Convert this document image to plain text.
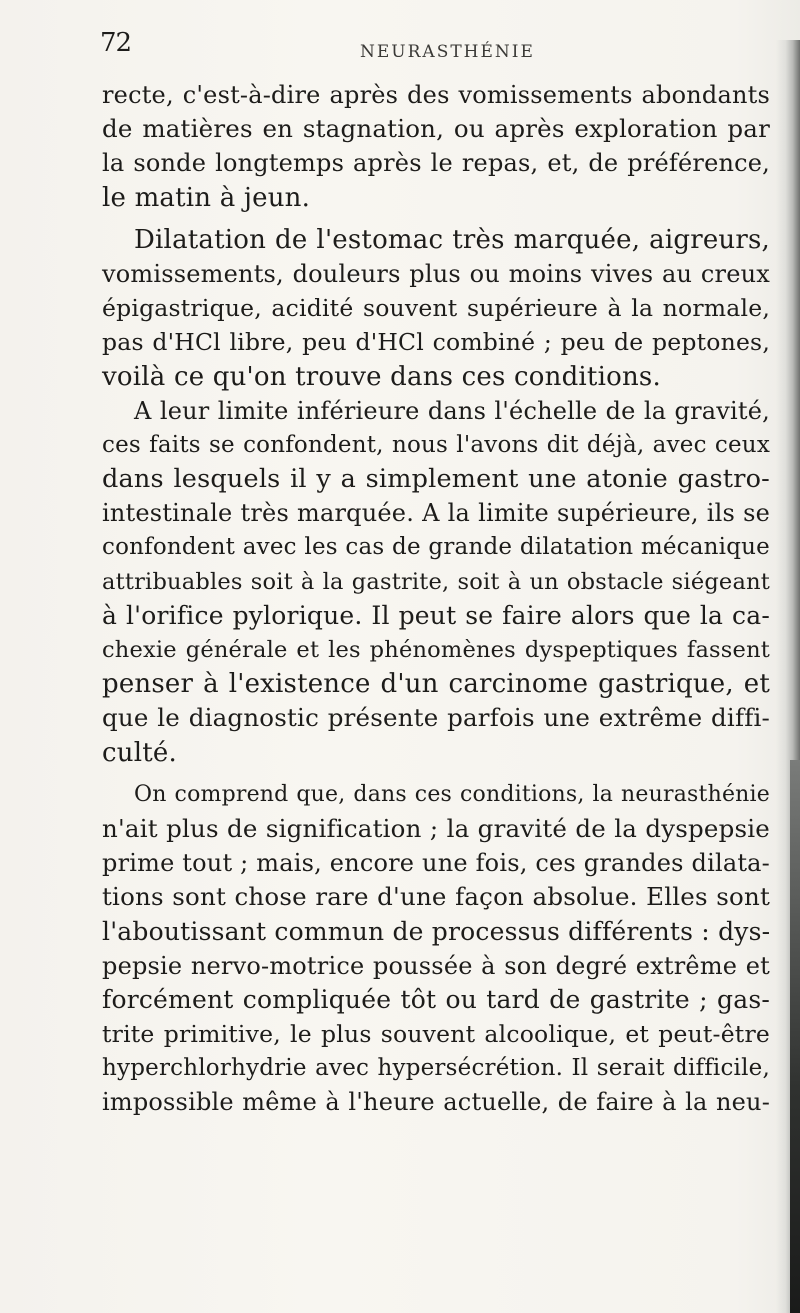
72	NEURASTHÉNIE
recte, c'est-à-dire après des vomissements abondants
de matières en stagnation, ou après exploration par
la sonde longtemps après le repas, et, de préférence,
le matin à jeun.
Dilatation de l'estomac très marquée, aigreurs,
vomissements, douleurs plus ou moins vives au creux
épigastrique, acidité souvent supérieure à la normale,
pas d'HCl libre, peu d'HCl combiné ; peu de peptones,
voilà ce qu'on trouve dans ces conditions.
A leur limite inférieure dans l'échelle de la gravité,
ces faits se confondent, nous l'avons dit déjà, avec ceux
dans lesquels il y a simplement une atonie gastro-
intestinale très marquée. A la limite supérieure, ils se
confondent avec les cas de grande dilatation mécanique
attribuables soit à la gastrite, soit à un obstacle siégeant
à l'orifice pylorique. Il peut se faire alors que la ca-
chexie générale et les phénomènes dyspeptiques fassent
penser à l'existence d'un carcinome gastrique, et
que le diagnostic présente parfois une extrême diffi-
culté.
On comprend que, dans ces conditions, la neurasthénie
n'ait plus de signification ; la gravité de la dyspepsie
prime tout ; mais, encore une fois, ces grandes dilata-
tions sont chose rare d'une façon absolue. Elles sont
l'aboutissant commun de processus différents : dys-
pepsie nervo-motrice poussée à son degré extrême et
forcément compliquée tôt ou tard de gastrite ; gas-
trite primitive, le plus souvent alcoolique, et peut-être
hyperchlorhydrie avec hypersécrétion. Il serait difficile,
impossible même à l'heure actuelle, de faire à la neu-
